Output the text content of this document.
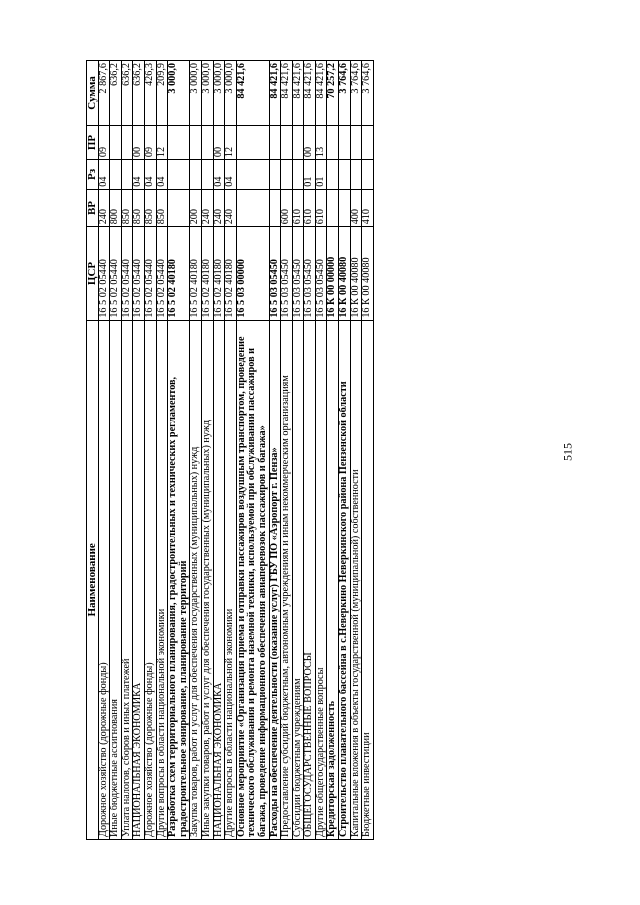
515
Наименование	ЦСР	ВР	Рз	ПР	Сумма
Дорожное хозяйство (дорожные фонды)	16 5 02 05440	240	04	09	2 867,6
Иные бюджетные ассигнования	16 5 02 05440	800			636,2
Уплата налогов, сборов и иных платежей	16 5 02 05440	850			636,2
НАЦИОНАЛЬНАЯ ЭКОНОМИКА	16 5 02 05440	850	04	00	636,2
Дорожное хозяйство (дорожные фонды)	16 5 02 05440	850	04	09	426,3
Другие вопросы в области национальной экономики	16 5 02 05440	850	04	12	209,9
Разработка схем территориального планирования, градостроительных и технических регламентов, градостроительное зонирование, планирование территорий	16 5 02 40180				3 000,0
Закупка товаров, работ и услуг для обеспечения государственных (муниципальных) нужд	16 5 02 40180	200			3 000,0
Иные закупки товаров, работ и услуг для обеспечения государственных (муниципальных) нужд	16 5 02 40180	240			3 000,0
НАЦИОНАЛЬНАЯ ЭКОНОМИКА	16 5 02 40180	240	04	00	3 000,0
Другие вопросы в области национальной экономики	16 5 02 40180	240	04	12	3 000,0
Основное мероприятие «Организация приема и отправки пассажиров воздушным транспортом, проведение технического обслуживания и ремонта наземной техники, используемой при обслуживании пассажиров и багажа, проведение информационного обеспечения авиаперевозок пассажиров и багажа»	16 5 03 00000				84 421,6
Расходы на обеспечение деятельности (оказание услуг) ГБУ ПО «Аэропорт г. Пенза»	16 5 03 05450				84 421,6
Предоставление субсидий бюджетным, автономным учреждениям и иным некоммерческим организациям	16 5 03 05450	600			84 421,6
Субсидии бюджетным учреждениям	16 5 03 05450	610			84 421,6
ОБЩЕГОСУДАРСТВЕННЫЕ ВОПРОСЫ	16 5 03 05450	610	01	00	84 421,6
Другие общегосударственные вопросы	16 5 03 05450	610	01	13	84 421,6
Кредиторская задолженность	16 К 00 00000				70 257,2
Строительство плавательного бассейна в с.Неверкино Неверкинского района Пензенской области	16 К 00 40080				3 764,6
Капитальные вложения в объекты государственной (муниципальной) собственности	16 К 00 40080	400			3 764,6
Бюджетные инвестиции	16 К 00 40080	410			3 764,6
